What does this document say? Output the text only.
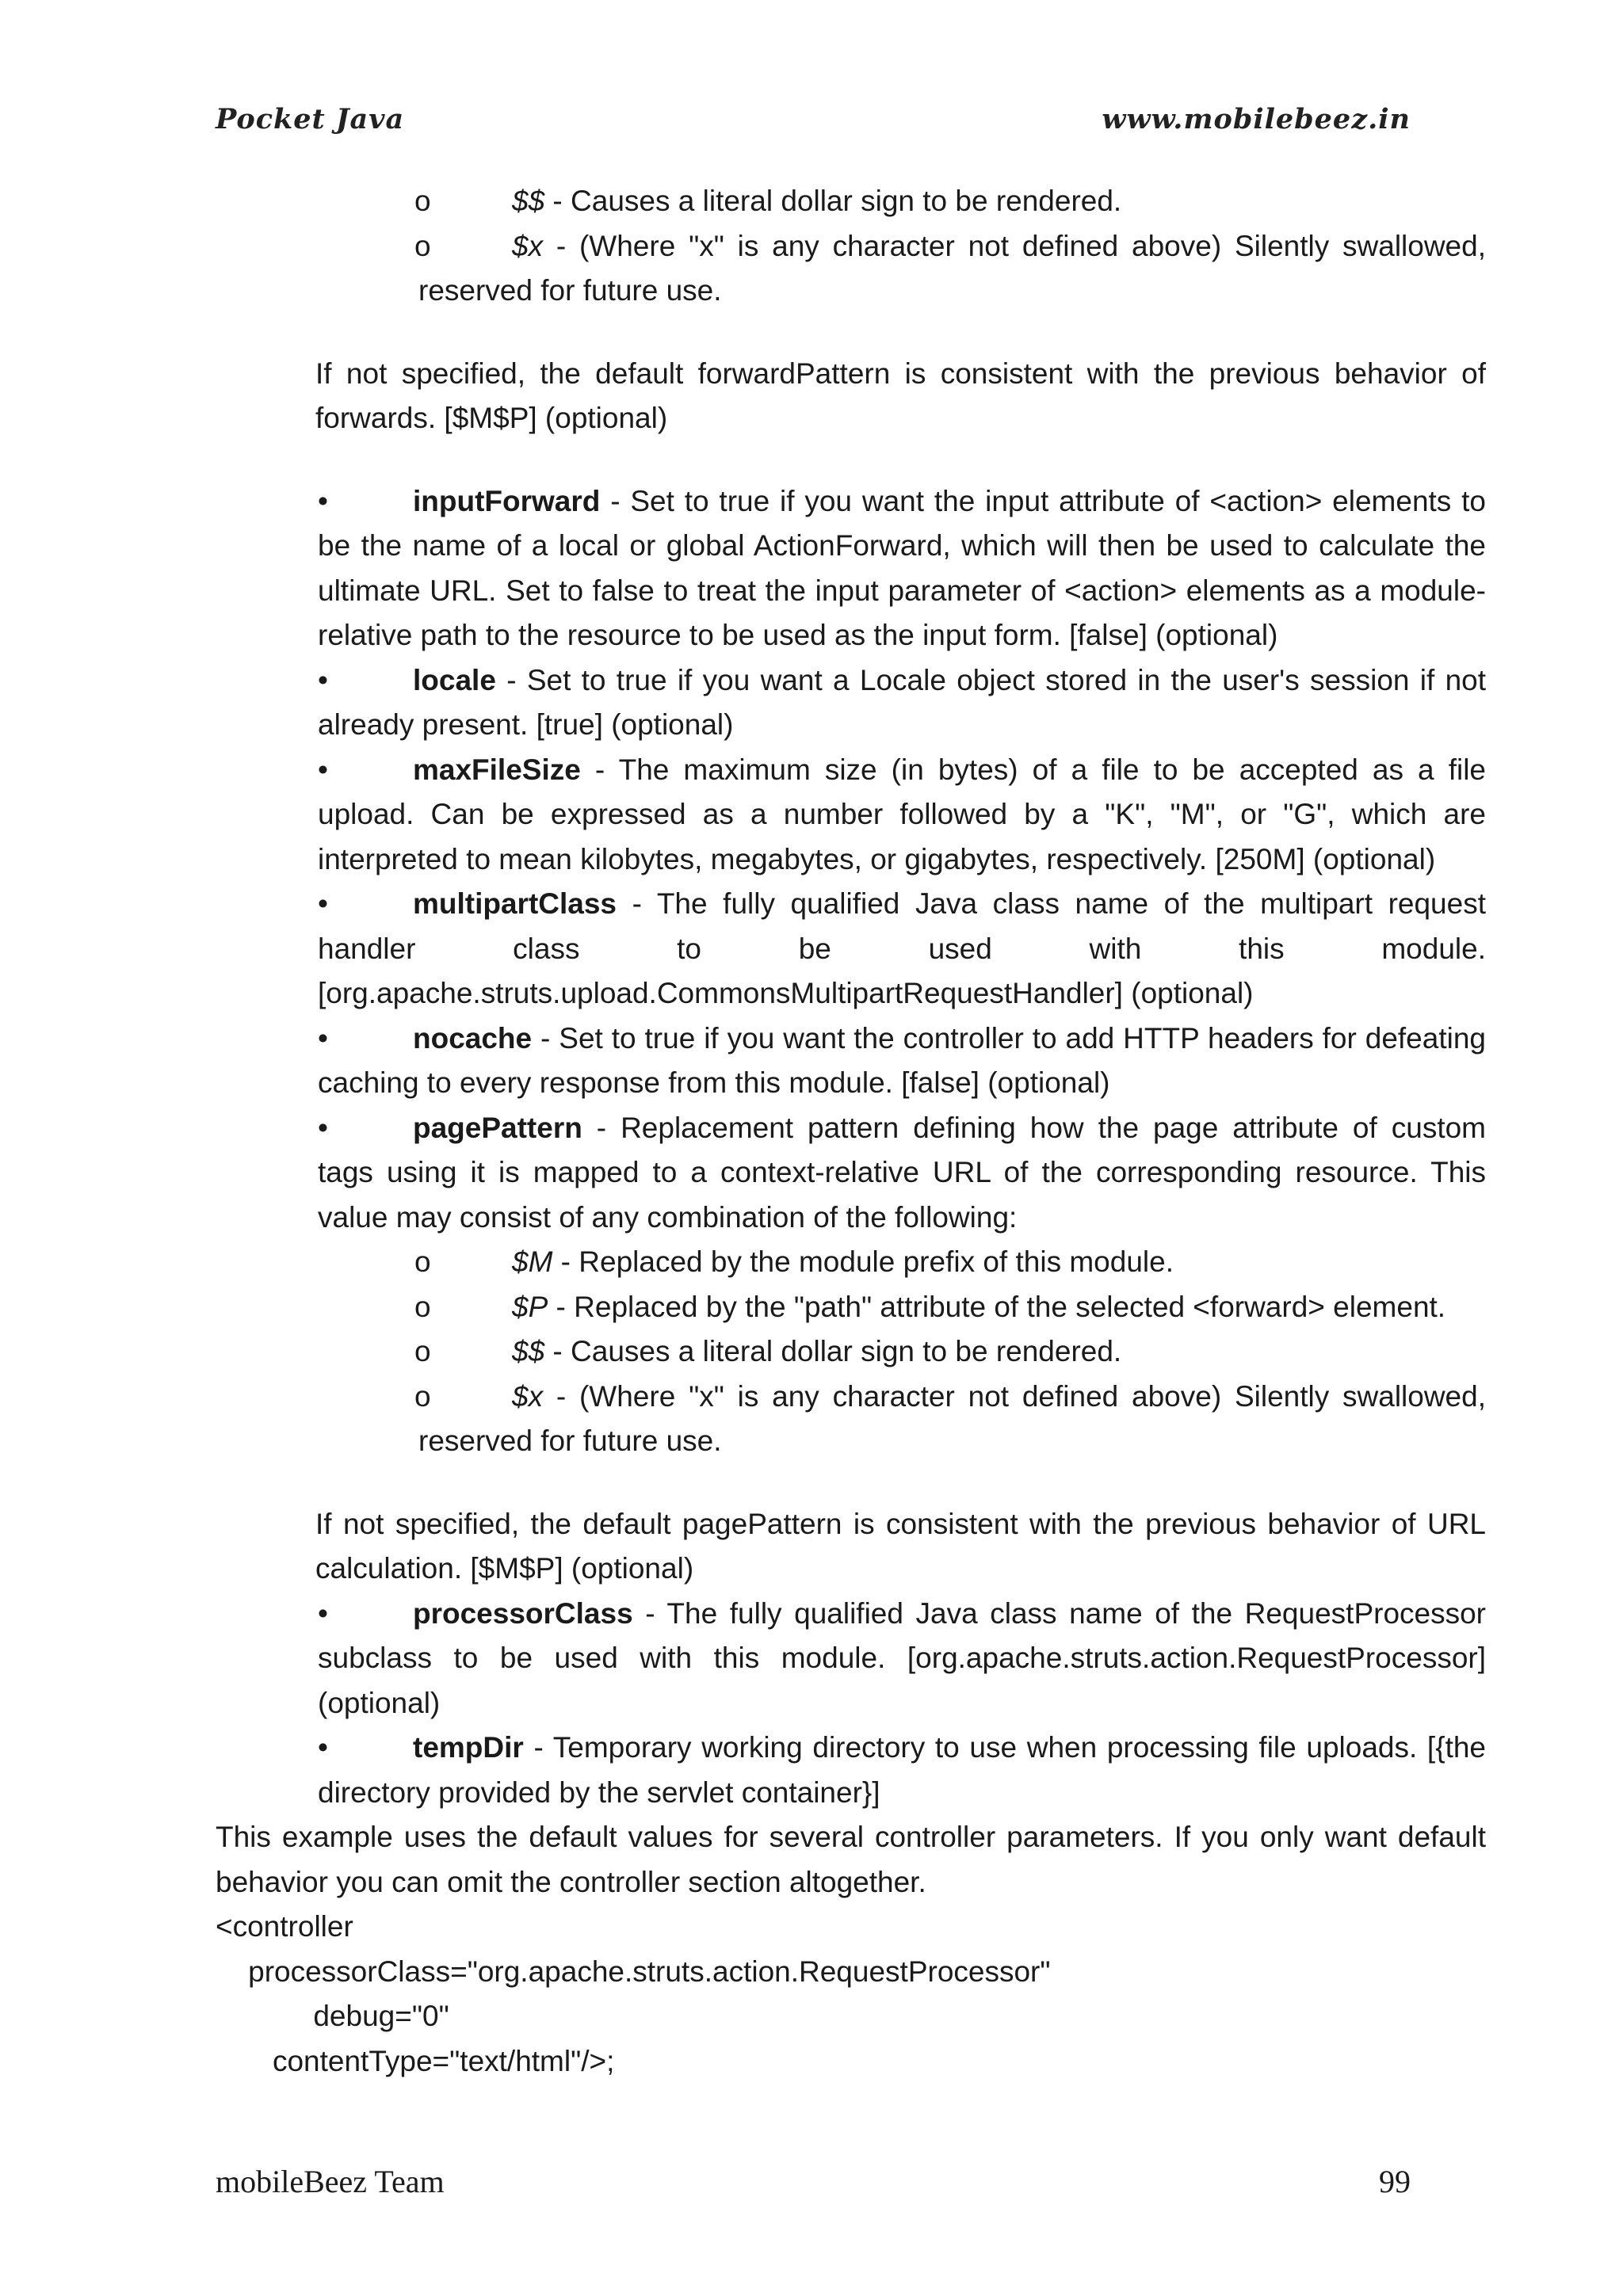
Pocket Java	www.mobilebeez.in
o	$$ - Causes a literal dollar sign to be rendered.
o	$x - (Where "x" is any character not defined above) Silently swallowed, reserved for future use.
If not specified, the default forwardPattern is consistent with the previous behavior of forwards. [$M$P] (optional)
•	inputForward - Set to true if you want the input attribute of <action> elements to be the name of a local or global ActionForward, which will then be used to calculate the ultimate URL. Set to false to treat the input parameter of <action> elements as a module-relative path to the resource to be used as the input form. [false] (optional)
•	locale - Set to true if you want a Locale object stored in the user's session if not already present. [true] (optional)
•	maxFileSize - The maximum size (in bytes) of a file to be accepted as a file upload. Can be expressed as a number followed by a "K", "M", or "G", which are interpreted to mean kilobytes, megabytes, or gigabytes, respectively. [250M] (optional)
•	multipartClass - The fully qualified Java class name of the multipart request handler class to be used with this module. [org.apache.struts.upload.CommonsMultipartRequestHandler] (optional)
•	nocache - Set to true if you want the controller to add HTTP headers for defeating caching to every response from this module. [false] (optional)
•	pagePattern - Replacement pattern defining how the page attribute of custom tags using it is mapped to a context-relative URL of the corresponding resource. This value may consist of any combination of the following:
o	$M - Replaced by the module prefix of this module.
o	$P - Replaced by the "path" attribute of the selected <forward> element.
o	$$ - Causes a literal dollar sign to be rendered.
o	$x - (Where "x" is any character not defined above) Silently swallowed, reserved for future use.
If not specified, the default pagePattern is consistent with the previous behavior of URL calculation. [$M$P] (optional)
•	processorClass - The fully qualified Java class name of the RequestProcessor subclass to be used with this module. [org.apache.struts.action.RequestProcessor] (optional)
•	tempDir - Temporary working directory to use when processing file uploads. [{the directory provided by the servlet container}]
This example uses the default values for several controller parameters. If you only want default behavior you can omit the controller section altogether.
<controller
processorClass="org.apache.struts.action.RequestProcessor"
debug="0"
contentType="text/html"/>;
mobileBeez Team	99
